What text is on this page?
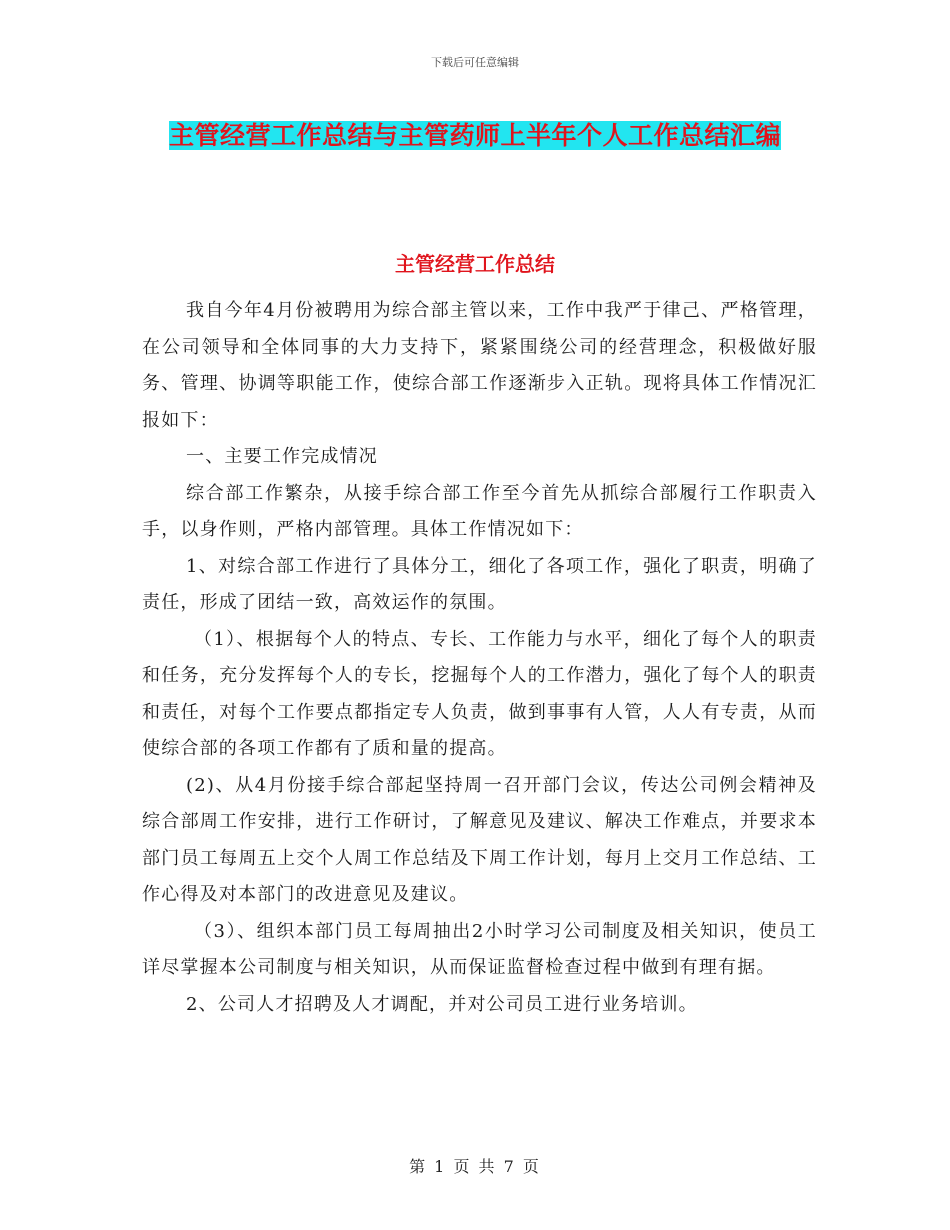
下载后可任意编辑
主管经营工作总结与主管药师上半年个人工作总结汇编
主管经营工作总结

我自今年4月份被聘用为综合部主管以来，工作中我严于律己、严格管理，在公司领导和全体同事的大力支持下，紧紧围绕公司的经营理念，积极做好服务、管理、协调等职能工作，使综合部工作逐渐步入正轨。现将具体工作情况汇报如下：

一、主要工作完成情况

综合部工作繁杂，从接手综合部工作至今首先从抓综合部履行工作职责入手，以身作则，严格内部管理。具体工作情况如下：

1、对综合部工作进行了具体分工，细化了各项工作，强化了职责，明确了责任，形成了团结一致，高效运作的氛围。

（1）、根据每个人的特点、专长、工作能力与水平，细化了每个人的职责和任务，充分发挥每个人的专长，挖掘每个人的工作潜力，强化了每个人的职责和责任，对每个工作要点都指定专人负责，做到事事有人管，人人有专责，从而使综合部的各项工作都有了质和量的提高。

(2)、从4月份接手综合部起坚持周一召开部门会议，传达公司例会精神及综合部周工作安排，进行工作研讨，了解意见及建议、解决工作难点，并要求本部门员工每周五上交个人周工作总结及下周工作计划，每月上交月工作总结、工作心得及对本部门的改进意见及建议。

（3）、组织本部门员工每周抽出2小时学习公司制度及相关知识，使员工详尽掌握本公司制度与相关知识，从而保证监督检查过程中做到有理有据。

2、公司人才招聘及人才调配，并对公司员工进行业务培训。

第 1 页 共 7 页
